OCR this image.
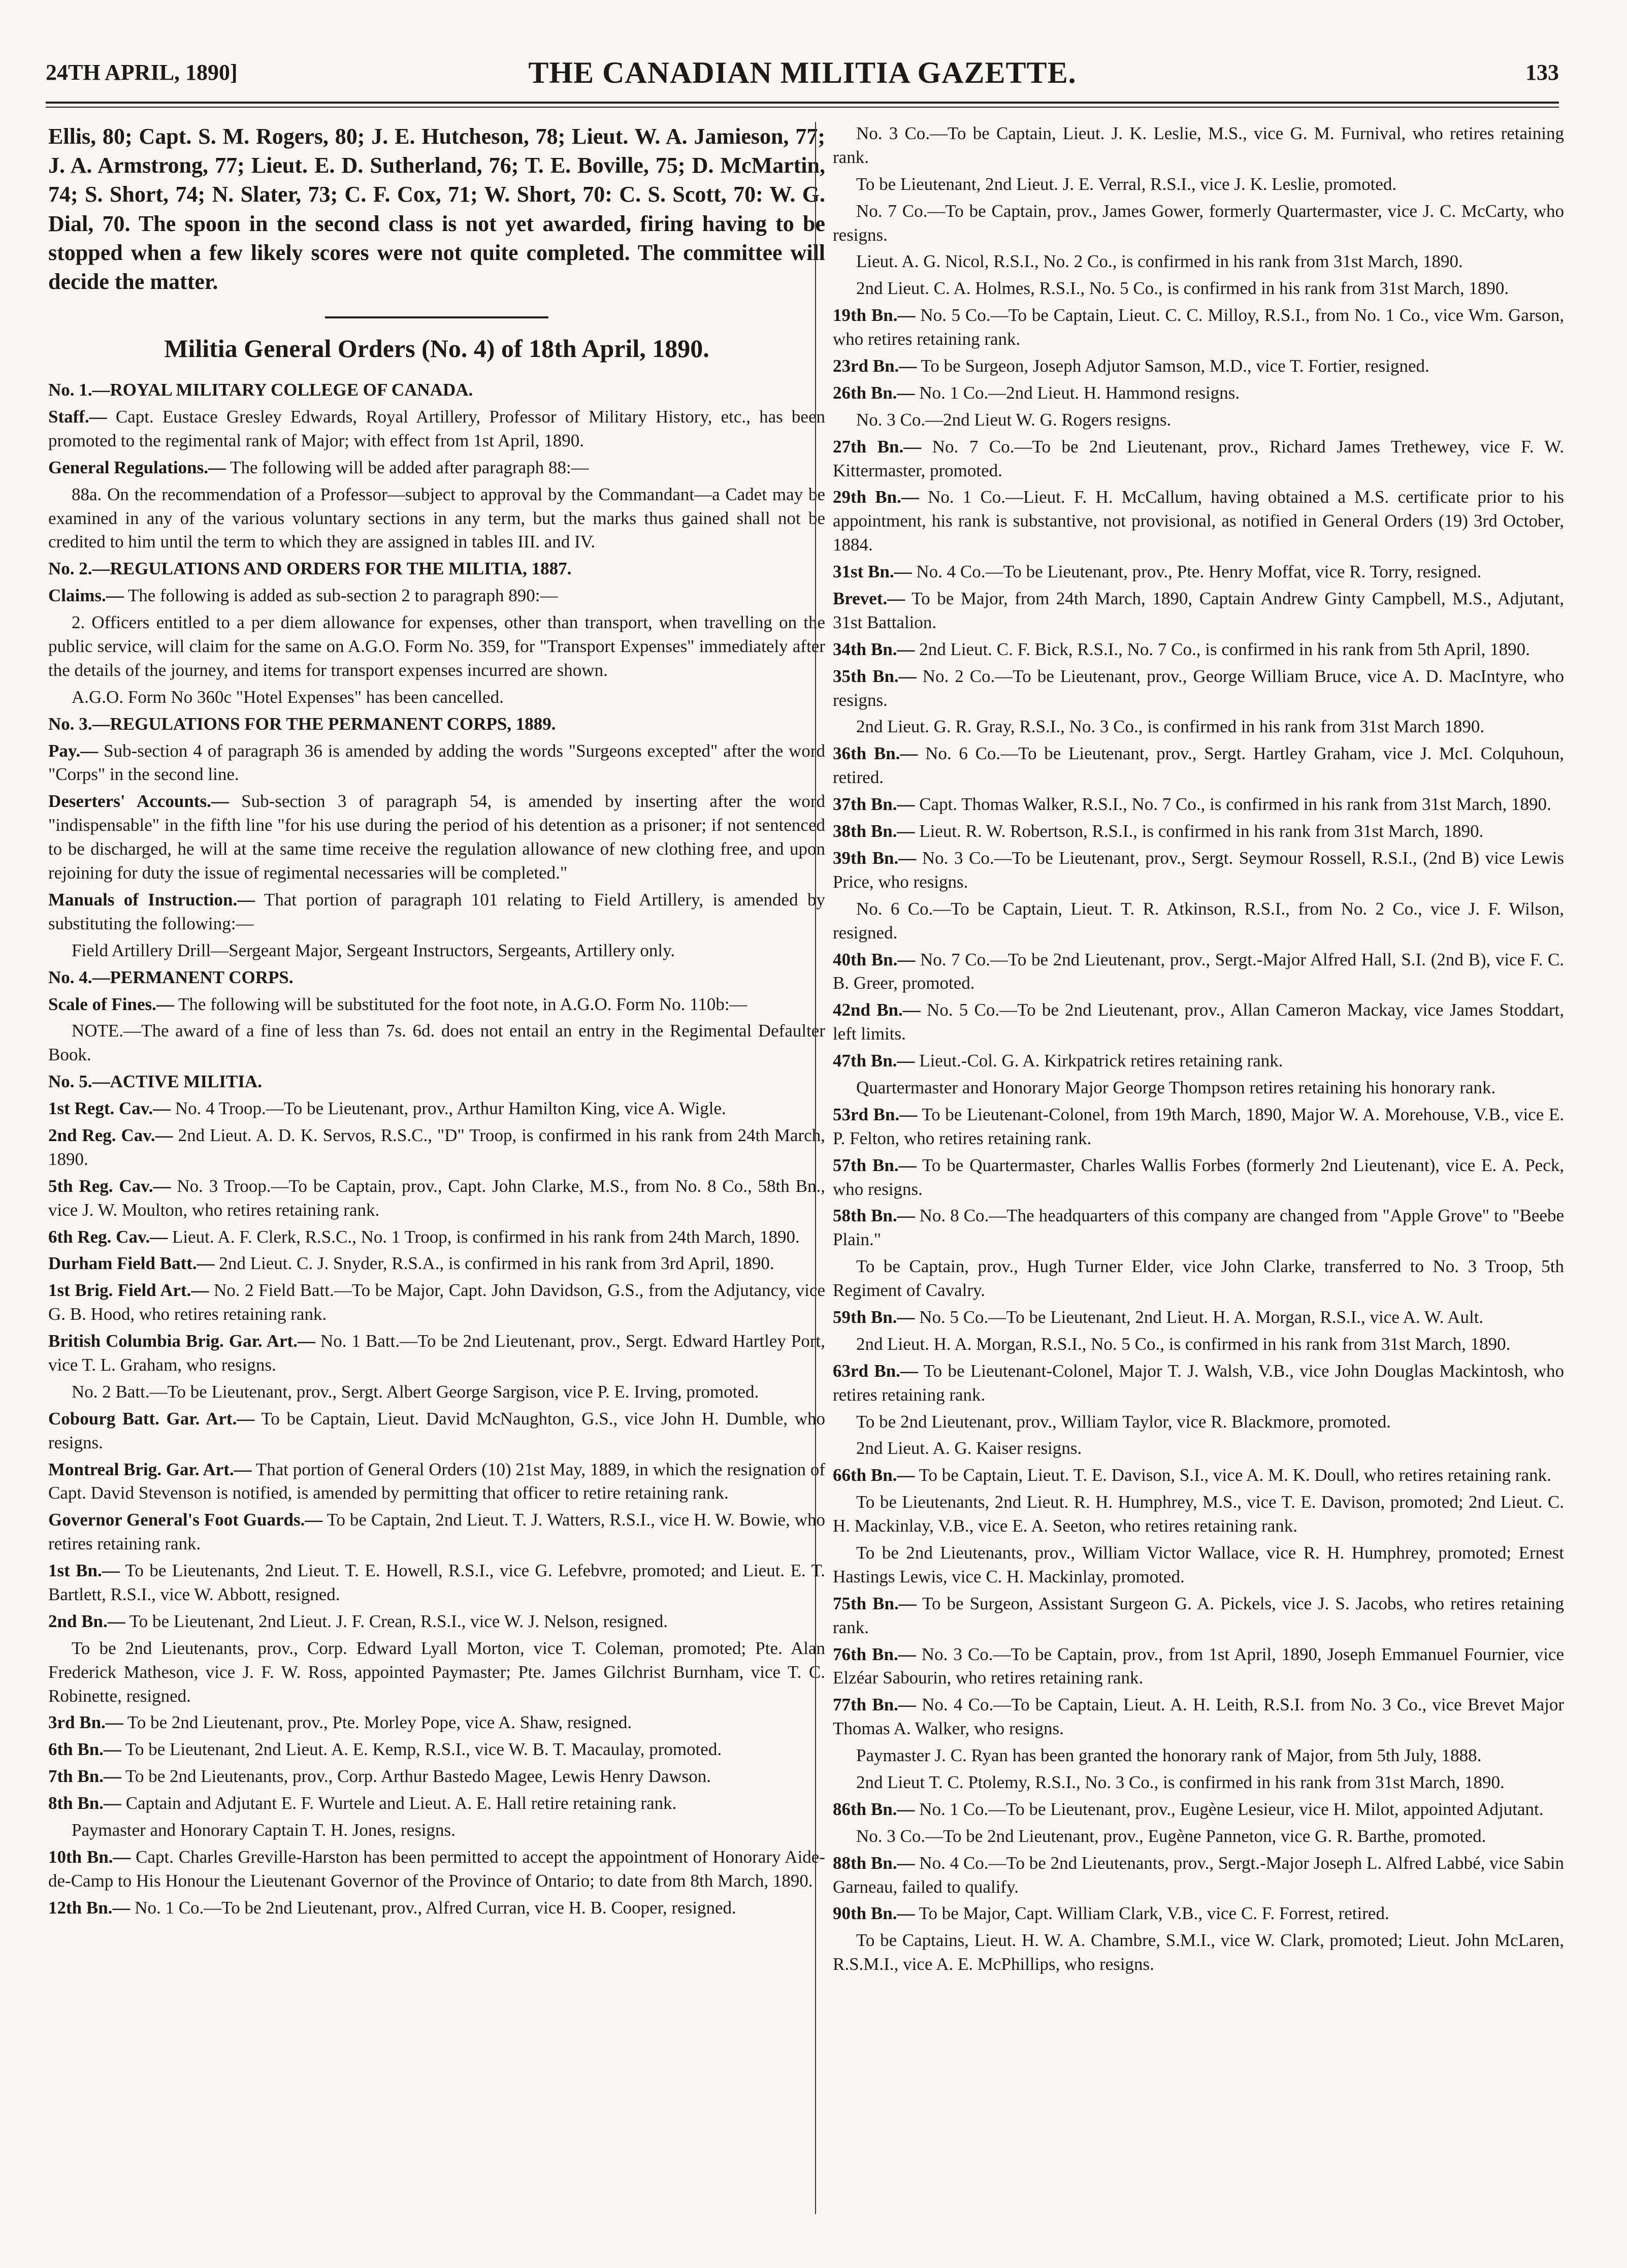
24TH APRIL, 1890]	THE CANADIAN MILITIA GAZETTE.	133

Ellis, 80; Capt. S. M. Rogers, 80; J. E. Hutcheson, 78; Lieut. W. A. Jamieson, 77; J. A. Armstrong, 77; Lieut. E. D. Sutherland, 76; T. E. Boville, 75; D. McMartin, 74; S. Short, 74; N. Slater, 73; C. F. Cox, 71; W. Short, 70: C. S. Scott, 70: W. G. Dial, 70. The spoon in the second class is not yet awarded, firing having to be stopped when a few likely scores were not quite completed. The committee will decide the matter.

Militia General Orders (No. 4) of 18th April, 1890.

No. 1.—ROYAL MILITARY COLLEGE OF CANADA.

Staff.— Capt. Eustace Gresley Edwards, Royal Artillery, Professor of Military History, etc., has been promoted to the regimental rank of Major; with effect from 1st April, 1890.

General Regulations.— The following will be added after paragraph 88:—

88a. On the recommendation of a Professor—subject to approval by the Commandant—a Cadet may be examined in any of the various voluntary sections in any term, but the marks thus gained shall not be credited to him until the term to which they are assigned in tables III. and IV.

No. 2.—REGULATIONS AND ORDERS FOR THE MILITIA, 1887.

Claims.— The following is added as sub-section 2 to paragraph 890:—

2. Officers entitled to a per diem allowance for expenses, other than transport, when travelling on the public service, will claim for the same on A.G.O. Form No. 359, for "Transport Expenses" immediately after the details of the journey, and items for transport expenses incurred are shown.

A.G.O. Form No 360c "Hotel Expenses" has been cancelled.

No. 3.—REGULATIONS FOR THE PERMANENT CORPS, 1889.

Pay.— Sub-section 4 of paragraph 36 is amended by adding the words "Surgeons excepted" after the word "Corps" in the second line.

Deserters' Accounts.— Sub-section 3 of paragraph 54, is amended by inserting after the word "indispensable" in the fifth line "for his use during the period of his detention as a prisoner; if not sentenced to be discharged, he will at the same time receive the regulation allowance of new clothing free, and upon rejoining for duty the issue of regimental necessaries will be completed."

Manuals of Instruction.— That portion of paragraph 101 relating to Field Artillery, is amended by substituting the following:—

Field Artillery Drill—Sergeant Major, Sergeant Instructors, Sergeants, Artillery only.

No. 4.—PERMANENT CORPS.

Scale of Fines.— The following will be substituted for the foot note, in A.G.O. Form No. 110b:—

NOTE.—The award of a fine of less than 7s. 6d. does not entail an entry in the Regimental Defaulter Book.

No. 5.—ACTIVE MILITIA.

1st Regt. Cav.— No. 4 Troop.—To be Lieutenant, prov., Arthur Hamilton King, vice A. Wigle.

2nd Reg. Cav.— 2nd Lieut. A. D. K. Servos, R.S.C., "D" Troop, is confirmed in his rank from 24th March, 1890.

5th Reg. Cav.— No. 3 Troop.—To be Captain, prov., Capt. John Clarke, M.S., from No. 8 Co., 58th Bn., vice J. W. Moulton, who retires retaining rank.

6th Reg. Cav.— Lieut. A. F. Clerk, R.S.C., No. 1 Troop, is confirmed in his rank from 24th March, 1890.

Durham Field Batt.— 2nd Lieut. C. J. Snyder, R.S.A., is confirmed in his rank from 3rd April, 1890.

1st Brig. Field Art.— No. 2 Field Batt.—To be Major, Capt. John Davidson, G.S., from the Adjutancy, vice G. B. Hood, who retires retaining rank.

British Columbia Brig. Gar. Art.— No. 1 Batt.—To be 2nd Lieutenant, prov., Sergt. Edward Hartley Port, vice T. L. Graham, who resigns.

No. 2 Batt.—To be Lieutenant, prov., Sergt. Albert George Sargison, vice P. E. Irving, promoted.

Cobourg Batt. Gar. Art.— To be Captain, Lieut. David McNaughton, G.S., vice John H. Dumble, who resigns.

Montreal Brig. Gar. Art.— That portion of General Orders (10) 21st May, 1889, in which the resignation of Capt. David Stevenson is notified, is amended by permitting that officer to retire retaining rank.

Governor General's Foot Guards.— To be Captain, 2nd Lieut. T. J. Watters, R.S.I., vice H. W. Bowie, who retires retaining rank.

1st Bn.— To be Lieutenants, 2nd Lieut. T. E. Howell, R.S.I., vice G. Lefebvre, promoted; and Lieut. E. T. Bartlett, R.S.I., vice W. Abbott, resigned.

2nd Bn.— To be Lieutenant, 2nd Lieut. J. F. Crean, R.S.I., vice W. J. Nelson, resigned.

To be 2nd Lieutenants, prov., Corp. Edward Lyall Morton, vice T. Coleman, promoted; Pte. Alan Frederick Matheson, vice J. F. W. Ross, appointed Paymaster; Pte. James Gilchrist Burnham, vice T. C. Robinette, resigned.

3rd Bn.— To be 2nd Lieutenant, prov., Pte. Morley Pope, vice A. Shaw, resigned.

6th Bn.— To be Lieutenant, 2nd Lieut. A. E. Kemp, R.S.I., vice W. B. T. Macaulay, promoted.

7th Bn.— To be 2nd Lieutenants, prov., Corp. Arthur Bastedo Magee, Lewis Henry Dawson.

8th Bn.— Captain and Adjutant E. F. Wurtele and Lieut. A. E. Hall retire retaining rank.

Paymaster and Honorary Captain T. H. Jones, resigns.

10th Bn.— Capt. Charles Greville-Harston has been permitted to accept the appointment of Honorary Aide-de-Camp to His Honour the Lieutenant Governor of the Province of Ontario; to date from 8th March, 1890.

12th Bn.— No. 1 Co.—To be 2nd Lieutenant, prov., Alfred Curran, vice H. B. Cooper, resigned.

No. 3 Co.—To be Captain, Lieut. J. K. Leslie, M.S., vice G. M. Furnival, who retires retaining rank.

To be Lieutenant, 2nd Lieut. J. E. Verral, R.S.I., vice J. K. Leslie, promoted.

No. 7 Co.—To be Captain, prov., James Gower, formerly Quartermaster, vice J. C. McCarty, who resigns.

Lieut. A. G. Nicol, R.S.I., No. 2 Co., is confirmed in his rank from 31st March, 1890.

2nd Lieut. C. A. Holmes, R.S.I., No. 5 Co., is confirmed in his rank from 31st March, 1890.

19th Bn.— No. 5 Co.—To be Captain, Lieut. C. C. Milloy, R.S.I., from No. 1 Co., vice Wm. Garson, who retires retaining rank.

23rd Bn.— To be Surgeon, Joseph Adjutor Samson, M.D., vice T. Fortier, resigned.

26th Bn.— No. 1 Co.—2nd Lieut. H. Hammond resigns.

No. 3 Co.—2nd Lieut W. G. Rogers resigns.

27th Bn.— No. 7 Co.—To be 2nd Lieutenant, prov., Richard James Trethewey, vice F. W. Kittermaster, promoted.

29th Bn.— No. 1 Co.—Lieut. F. H. McCallum, having obtained a M.S. certificate prior to his appointment, his rank is substantive, not provisional, as notified in General Orders (19) 3rd October, 1884.

31st Bn.— No. 4 Co.—To be Lieutenant, prov., Pte. Henry Moffat, vice R. Torry, resigned.

Brevet.— To be Major, from 24th March, 1890, Captain Andrew Ginty Campbell, M.S., Adjutant, 31st Battalion.

34th Bn.— 2nd Lieut. C. F. Bick, R.S.I., No. 7 Co., is confirmed in his rank from 5th April, 1890.

35th Bn.— No. 2 Co.—To be Lieutenant, prov., George William Bruce, vice A. D. MacIntyre, who resigns.

2nd Lieut. G. R. Gray, R.S.I., No. 3 Co., is confirmed in his rank from 31st March 1890.

36th Bn.— No. 6 Co.—To be Lieutenant, prov., Sergt. Hartley Graham, vice J. McI. Colquhoun, retired.

37th Bn.— Capt. Thomas Walker, R.S.I., No. 7 Co., is confirmed in his rank from 31st March, 1890.

38th Bn.— Lieut. R. W. Robertson, R.S.I., is confirmed in his rank from 31st March, 1890.

39th Bn.— No. 3 Co.—To be Lieutenant, prov., Sergt. Seymour Rossell, R.S.I., (2nd B) vice Lewis Price, who resigns.

No. 6 Co.—To be Captain, Lieut. T. R. Atkinson, R.S.I., from No. 2 Co., vice J. F. Wilson, resigned.

40th Bn.— No. 7 Co.—To be 2nd Lieutenant, prov., Sergt.-Major Alfred Hall, S.I. (2nd B), vice F. C. B. Greer, promoted.

42nd Bn.— No. 5 Co.—To be 2nd Lieutenant, prov., Allan Cameron Mackay, vice James Stoddart, left limits.

47th Bn.— Lieut.-Col. G. A. Kirkpatrick retires retaining rank.

Quartermaster and Honorary Major George Thompson retires retaining his honorary rank.

53rd Bn.— To be Lieutenant-Colonel, from 19th March, 1890, Major W. A. Morehouse, V.B., vice E. P. Felton, who retires retaining rank.

57th Bn.— To be Quartermaster, Charles Wallis Forbes (formerly 2nd Lieutenant), vice E. A. Peck, who resigns.

58th Bn.— No. 8 Co.—The headquarters of this company are changed from "Apple Grove" to "Beebe Plain."

To be Captain, prov., Hugh Turner Elder, vice John Clarke, transferred to No. 3 Troop, 5th Regiment of Cavalry.

59th Bn.— No. 5 Co.—To be Lieutenant, 2nd Lieut. H. A. Morgan, R.S.I., vice A. W. Ault.

2nd Lieut. H. A. Morgan, R.S.I., No. 5 Co., is confirmed in his rank from 31st March, 1890.

63rd Bn.— To be Lieutenant-Colonel, Major T. J. Walsh, V.B., vice John Douglas Mackintosh, who retires retaining rank.

To be 2nd Lieutenant, prov., William Taylor, vice R. Blackmore, promoted.

2nd Lieut. A. G. Kaiser resigns.

66th Bn.— To be Captain, Lieut. T. E. Davison, S.I., vice A. M. K. Doull, who retires retaining rank.

To be Lieutenants, 2nd Lieut. R. H. Humphrey, M.S., vice T. E. Davison, promoted; 2nd Lieut. C. H. Mackinlay, V.B., vice E. A. Seeton, who retires retaining rank.

To be 2nd Lieutenants, prov., William Victor Wallace, vice R. H. Humphrey, promoted; Ernest Hastings Lewis, vice C. H. Mackinlay, promoted.

75th Bn.— To be Surgeon, Assistant Surgeon G. A. Pickels, vice J. S. Jacobs, who retires retaining rank.

76th Bn.— No. 3 Co.—To be Captain, prov., from 1st April, 1890, Joseph Emmanuel Fournier, vice Elzéar Sabourin, who retires retaining rank.

77th Bn.— No. 4 Co.—To be Captain, Lieut. A. H. Leith, R.S.I. from No. 3 Co., vice Brevet Major Thomas A. Walker, who resigns.

Paymaster J. C. Ryan has been granted the honorary rank of Major, from 5th July, 1888.

2nd Lieut T. C. Ptolemy, R.S.I., No. 3 Co., is confirmed in his rank from 31st March, 1890.

86th Bn.— No. 1 Co.—To be Lieutenant, prov., Eugène Lesieur, vice H. Milot, appointed Adjutant.

No. 3 Co.—To be 2nd Lieutenant, prov., Eugène Panneton, vice G. R. Barthe, promoted.

88th Bn.— No. 4 Co.—To be 2nd Lieutenants, prov., Sergt.-Major Joseph L. Alfred Labbé, vice Sabin Garneau, failed to qualify.

90th Bn.— To be Major, Capt. William Clark, V.B., vice C. F. Forrest, retired.

To be Captains, Lieut. H. W. A. Chambre, S.M.I., vice W. Clark, promoted; Lieut. John McLaren, R.S.M.I., vice A. E. McPhillips, who resigns.
